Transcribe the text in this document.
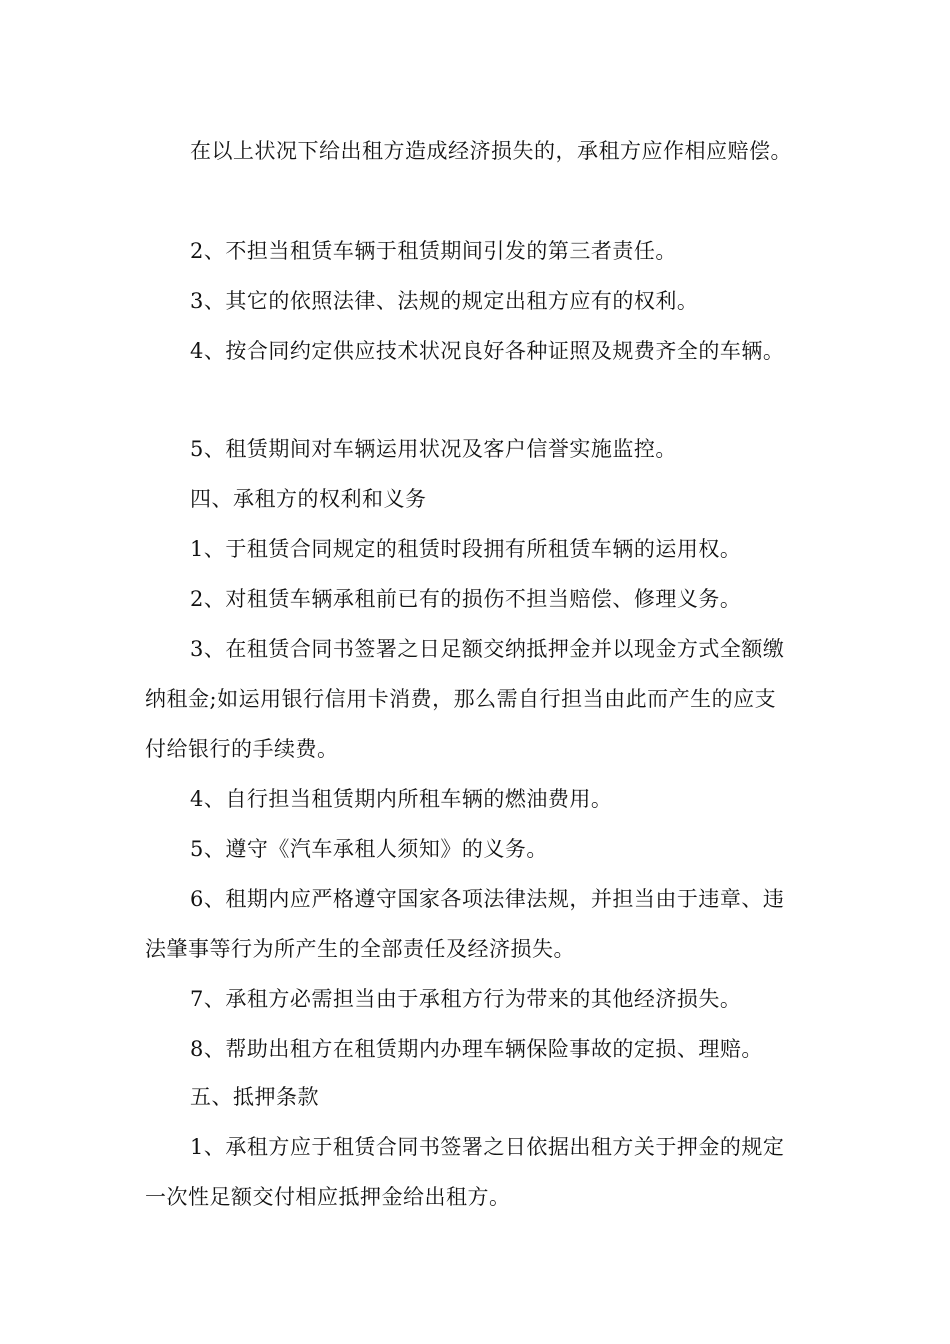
在以上状况下给出租方造成经济损失的，承租方应作相应赔偿。

2、不担当租赁车辆于租赁期间引发的第三者责任。

3、其它的依照法律、法规的规定出租方应有的权利。

4、按合同约定供应技术状况良好各种证照及规费齐全的车辆。

5、租赁期间对车辆运用状况及客户信誉实施监控。

四、承租方的权利和义务

1、于租赁合同规定的租赁时段拥有所租赁车辆的运用权。

2、对租赁车辆承租前已有的损伤不担当赔偿、修理义务。

3、在租赁合同书签署之日足额交纳抵押金并以现金方式全额缴

纳租金;如运用银行信用卡消费，那么需自行担当由此而产生的应支

付给银行的手续费。

4、自行担当租赁期内所租车辆的燃油费用。

5、遵守《汽车承租人须知》的义务。

6、租期内应严格遵守国家各项法律法规，并担当由于违章、违

法肇事等行为所产生的全部责任及经济损失。

7、承租方必需担当由于承租方行为带来的其他经济损失。

8、帮助出租方在租赁期内办理车辆保险事故的定损、理赔。

五、抵押条款

1、承租方应于租赁合同书签署之日依据出租方关于押金的规定

一次性足额交付相应抵押金给出租方。
